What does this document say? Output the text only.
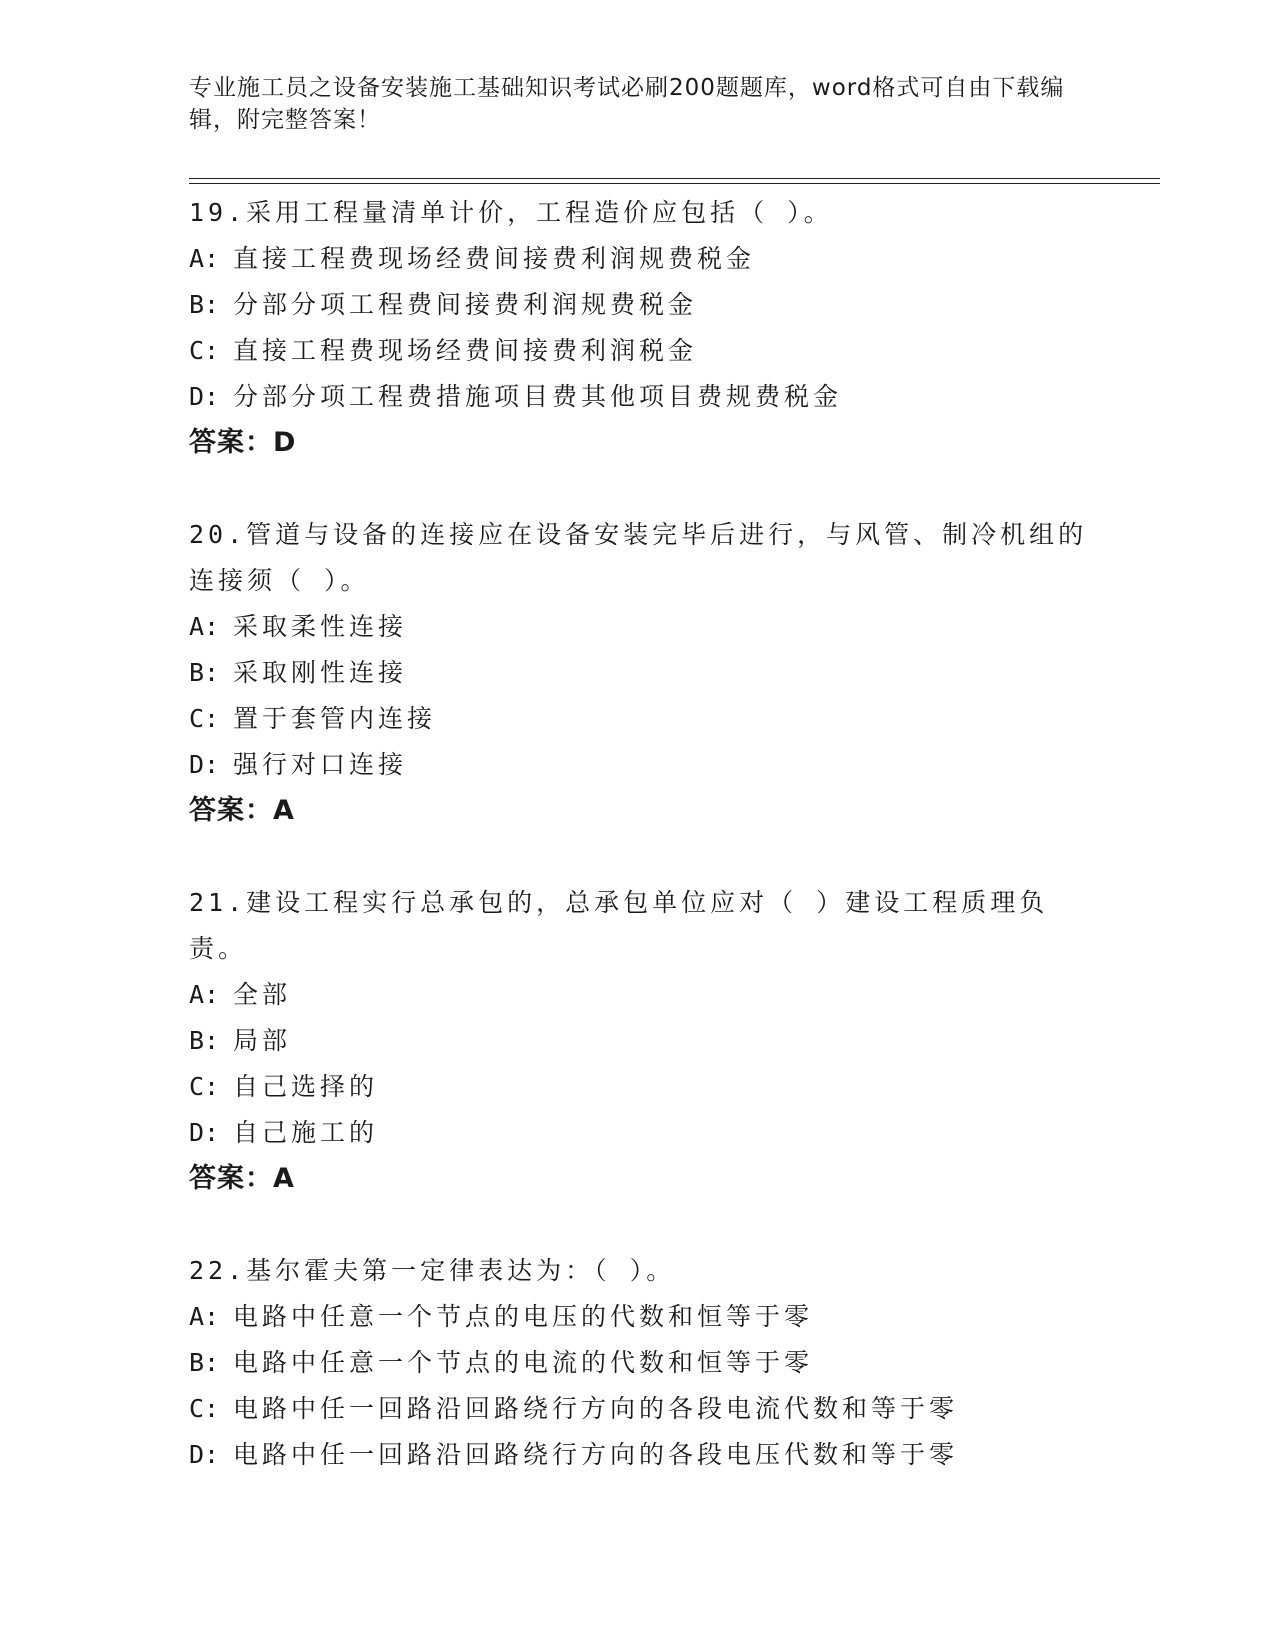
专业施工员之设备安装施工基础知识考试必刷200题题库，word格式可自由下载编辑，附完整答案！
19.采用工程量清单计价，工程造价应包括（ ）。
A: 直接工程费现场经费间接费利润规费税金
B: 分部分项工程费间接费利润规费税金
C: 直接工程费现场经费间接费利润税金
D: 分部分项工程费措施项目费其他项目费规费税金
答案：D
20.管道与设备的连接应在设备安装完毕后进行，与风管、制冷机组的连接须（ ）。
A: 采取柔性连接
B: 采取刚性连接
C: 置于套管内连接
D: 强行对口连接
答案：A
21.建设工程实行总承包的，总承包单位应对（ ）建设工程质理负责。
A: 全部
B: 局部
C: 自己选择的
D: 自己施工的
答案：A
22.基尔霍夫第一定律表达为：（ ）。
A: 电路中任意一个节点的电压的代数和恒等于零
B: 电路中任意一个节点的电流的代数和恒等于零
C: 电路中任一回路沿回路绕行方向的各段电流代数和等于零
D: 电路中任一回路沿回路绕行方向的各段电压代数和等于零
